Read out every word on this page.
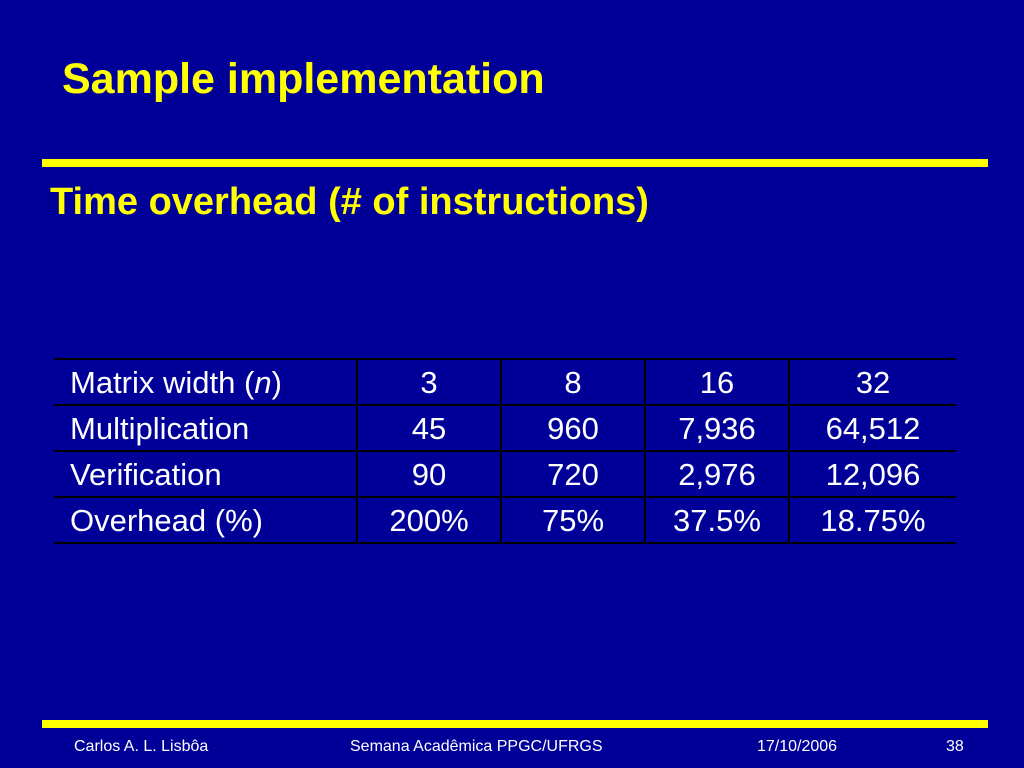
Sample implementation
Time overhead (# of instructions)
Matrix width (n)	3	8	16	32
Multiplication	45	960	7,936	64,512
Verification	90	720	2,976	12,096
Overhead (%)	200%	75%	37.5%	18.75%
Carlos A. L. Lisbôa	Semana Acadêmica PPGC/UFRGS	17/10/2006	38
